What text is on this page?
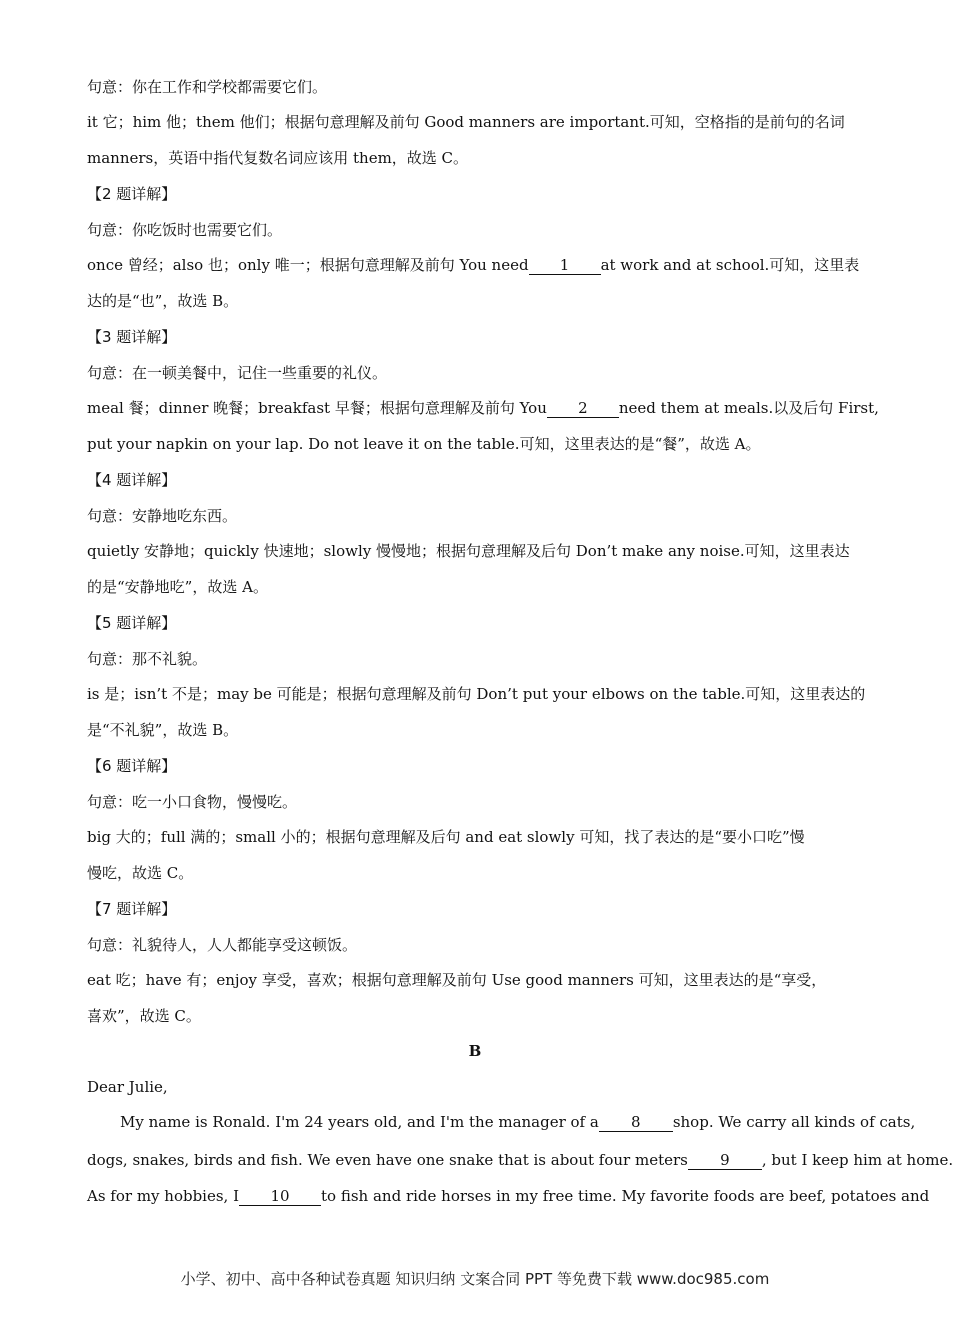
句意：你在工作和学校都需要它们。
it 它；him 他；them 他们；根据句意理解及前句 Good manners are important.可知，空格指的是前句的名词
manners，英语中指代复数名词应该用 them，故选 C。
【2 题详解】
句意：你吃饭时也需要它们。
once 曾经；also 也；only 唯一；根据句意理解及前句 You need 1 at work and at school.可知，这里表
达的是“也”，故选 B。
【3 题详解】
句意：在一顿美餐中，记住一些重要的礼仪。
meal 餐；dinner 晚餐；breakfast 早餐；根据句意理解及前句 You 2 need them at meals.以及后句 First,
put your napkin on your lap. Do not leave it on the table.可知，这里表达的是“餐”，故选 A。
【4 题详解】
句意：安静地吃东西。
quietly 安静地；quickly 快速地；slowly 慢慢地；根据句意理解及后句 Don’t make any noise.可知，这里表达
的是“安静地吃”，故选 A。
【5 题详解】
句意：那不礼貌。
is 是；isn’t 不是；may be 可能是；根据句意理解及前句 Don’t put your elbows on the table.可知，这里表达的
是“不礼貌”，故选 B。
【6 题详解】
句意：吃一小口食物，慢慢吃。
big 大的；full 满的；small 小的；根据句意理解及后句 and eat slowly 可知，找了表达的是“要小口吃”慢
慢吃，故选 C。
【7 题详解】
句意：礼貌待人，人人都能享受这顿饭。
eat 吃；have 有；enjoy 享受，喜欢；根据句意理解及前句 Use good manners 可知，这里表达的是“享受，
喜欢”，故选 C。
B
Dear Julie,
My name is Ronald. I'm 24 years old, and I'm the manager of a 8 shop. We carry all kinds of cats,
dogs, snakes, birds and fish. We even have one snake that is about four meters 9 , but I keep him at home.
As for my hobbies, I 10 to fish and ride horses in my free time. My favorite foods are beef, potatoes and
小学、初中、高中各种试卷真题 知识归纳 文案合同 PPT 等免费下载 www.doc985.com
